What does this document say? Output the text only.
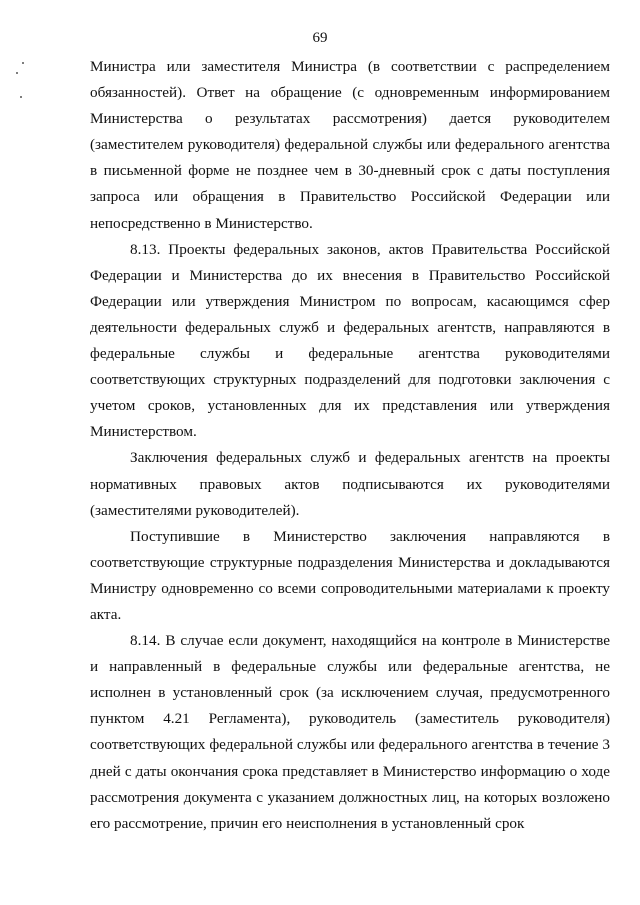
69

Министра или заместителя Министра (в соответствии с распределением обязанностей). Ответ на обращение (с одновременным информированием Министерства о результатах рассмотрения) дается руководителем (заместителем руководителя) федеральной службы или федерального агентства в письменной форме не позднее чем в 30-дневный срок с даты поступления запроса или обращения в Правительство Российской Федерации или непосредственно в Министерство.

8.13. Проекты федеральных законов, актов Правительства Российской Федерации и Министерства до их внесения в Правительство Российской Федерации или утверждения Министром по вопросам, касающимся сфер деятельности федеральных служб и федеральных агентств, направляются в федеральные службы и федеральные агентства руководителями соответствующих структурных подразделений для подготовки заключения с учетом сроков, установленных для их представления или утверждения Министерством.

Заключения федеральных служб и федеральных агентств на проекты нормативных правовых актов подписываются их руководителями (заместителями руководителей).

Поступившие в Министерство заключения направляются в соответствующие структурные подразделения Министерства и докладываются Министру одновременно со всеми сопроводительными материалами к проекту акта.

8.14. В случае если документ, находящийся на контроле в Министерстве и направленный в федеральные службы или федеральные агентства, не исполнен в установленный срок (за исключением случая, предусмотренного пунктом 4.21 Регламента), руководитель (заместитель руководителя) соответствующих федеральной службы или федерального агентства в течение 3 дней с даты окончания срока представляет в Министерство информацию о ходе рассмотрения документа с указанием должностных лиц, на которых возложено его рассмотрение, причин его неисполнения в установленный срок
